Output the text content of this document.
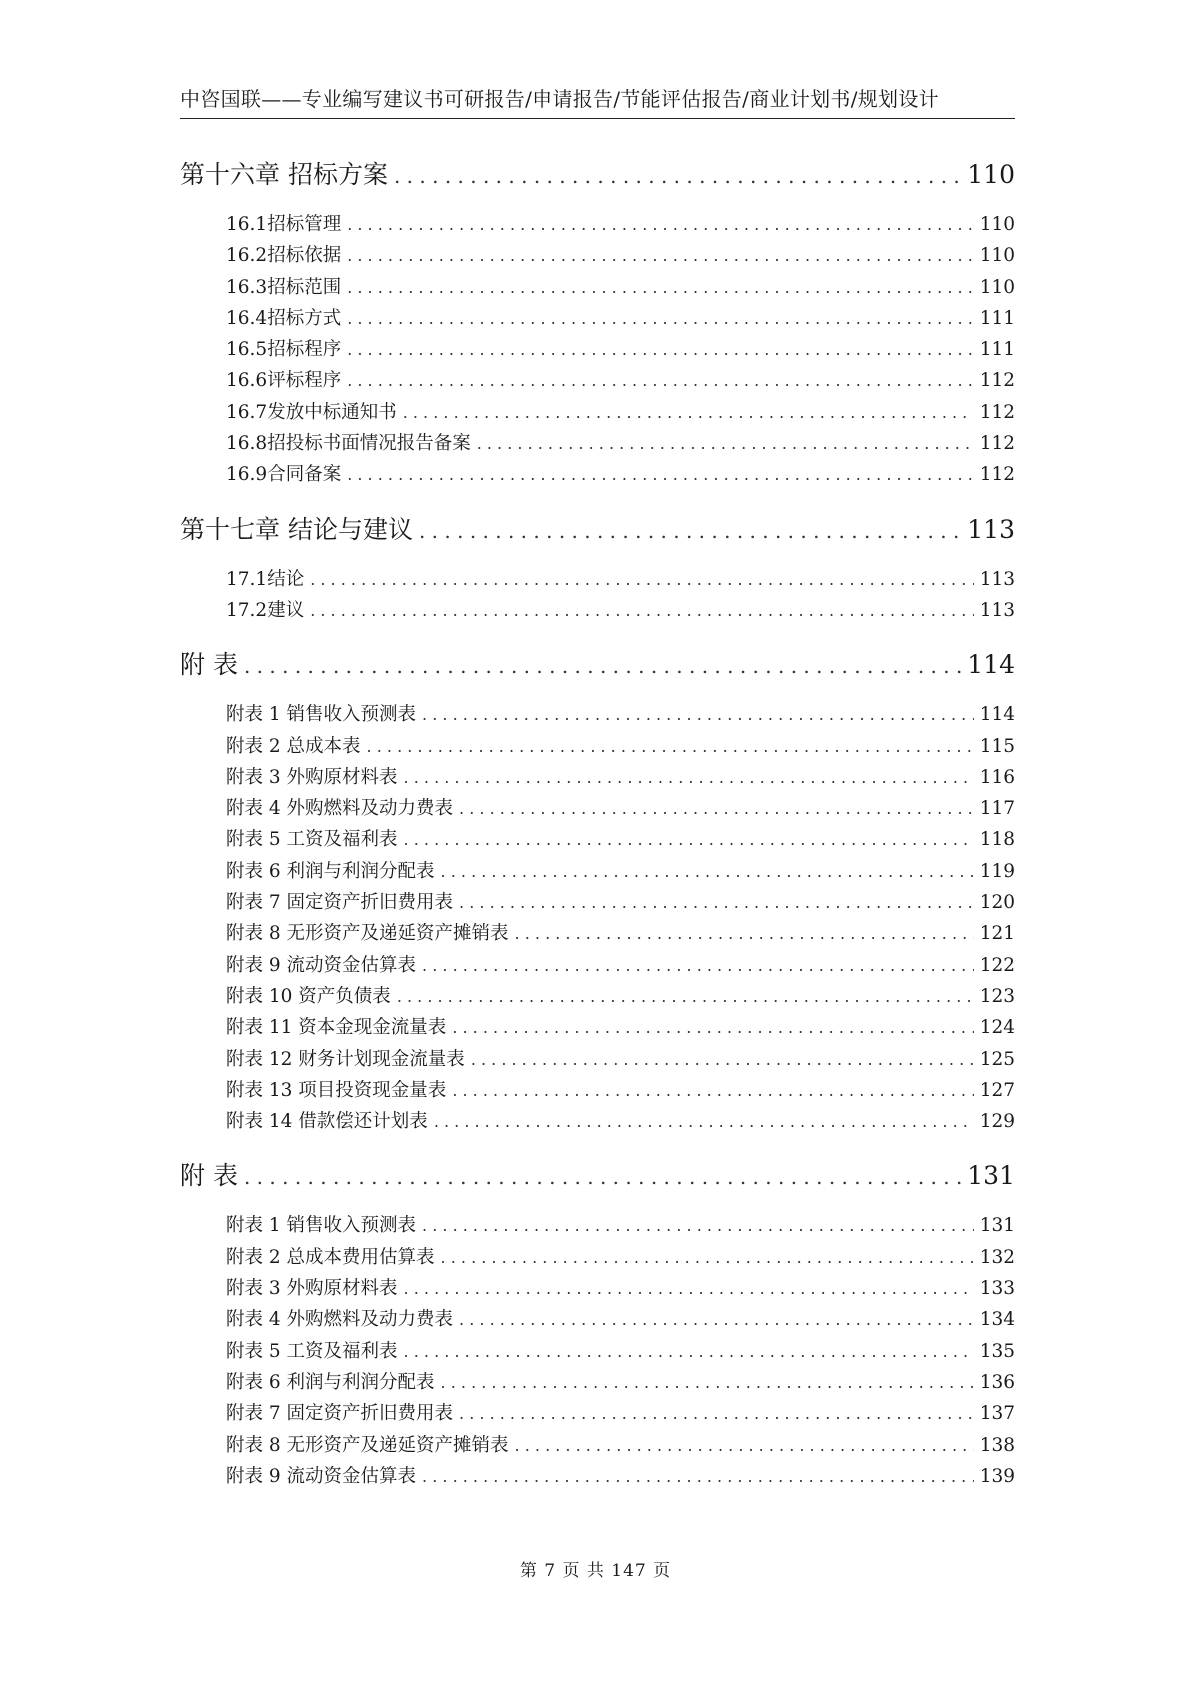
中咨国联——专业编写建议书可研报告/申请报告/节能评估报告/商业计划书/规划设计
第十六章 招标方案 . . .	110
16.1招标管理 . . .	110
16.2招标依据 . . .	110
16.3招标范围 . . .	110
16.4招标方式 . . .	111
16.5招标程序 . . .	111
16.6评标程序 . . .	112
16.7发放中标通知书 . . .	112
16.8招投标书面情况报告备案 . . .	112
16.9合同备案 . . .	112
第十七章 结论与建议 . . .	113
17.1结论 . . .	113
17.2建议 . . .	113
附 表 . . .	114
附表 1 销售收入预测表 . . .	114
附表 2 总成本表 . . .	115
附表 3 外购原材料表 . . .	116
附表 4 外购燃料及动力费表 . . .	117
附表 5 工资及福利表 . . .	118
附表 6 利润与利润分配表 . . .	119
附表 7 固定资产折旧费用表 . . .	120
附表 8 无形资产及递延资产摊销表 . . .	121
附表 9 流动资金估算表 . . .	122
附表 10 资产负债表 . . .	123
附表 11 资本金现金流量表 . . .	124
附表 12 财务计划现金流量表 . . .	125
附表 13 项目投资现金量表 . . .	127
附表 14 借款偿还计划表 . . .	129
附 表 . . .	131
附表 1 销售收入预测表 . . .	131
附表 2 总成本费用估算表 . . .	132
附表 3 外购原材料表 . . .	133
附表 4 外购燃料及动力费表 . . .	134
附表 5 工资及福利表 . . .	135
附表 6 利润与利润分配表 . . .	136
附表 7 固定资产折旧费用表 . . .	137
附表 8 无形资产及递延资产摊销表 . . .	138
附表 9 流动资金估算表 . . .	139
第 7 页 共 147 页
